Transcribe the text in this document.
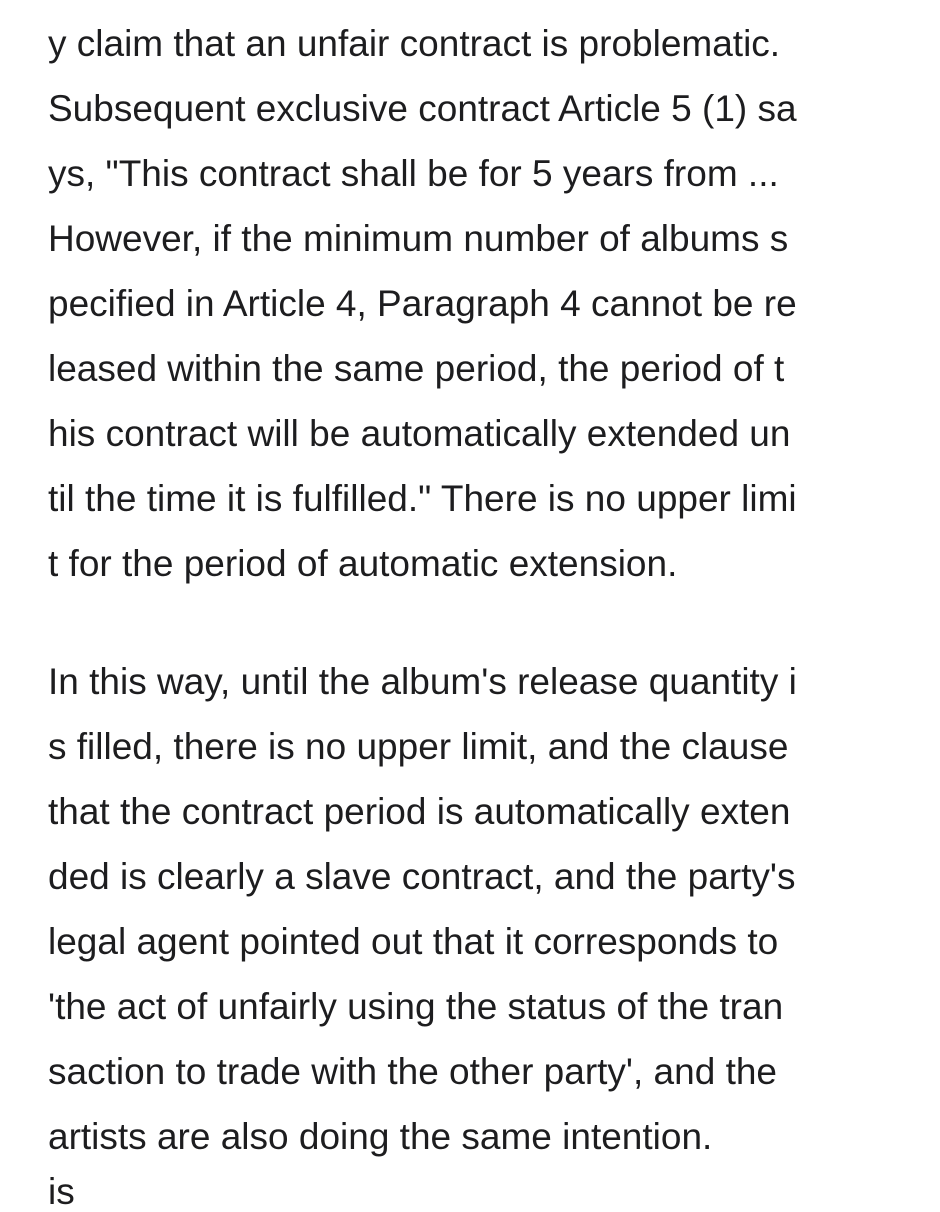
y claim that an unfair contract is problematic.
Subsequent exclusive contract Article 5 (1) sa
ys, "This contract shall be for 5 years from ...
However, if the minimum number of albums s
pecified in Article 4, Paragraph 4 cannot be re
leased within the same period, the period of t
his contract will be automatically extended un
til the time it is fulfilled." There is no upper limi
t for the period of automatic extension.
In this way, until the album's release quantity i
s filled, there is no upper limit, and the clause
that the contract period is automatically exten
ded is clearly a slave contract, and the party's
legal agent pointed out that it corresponds to
'the act of unfairly using the status of the tran
saction to trade with the other party', and the
artists are also doing the same intention.
is
